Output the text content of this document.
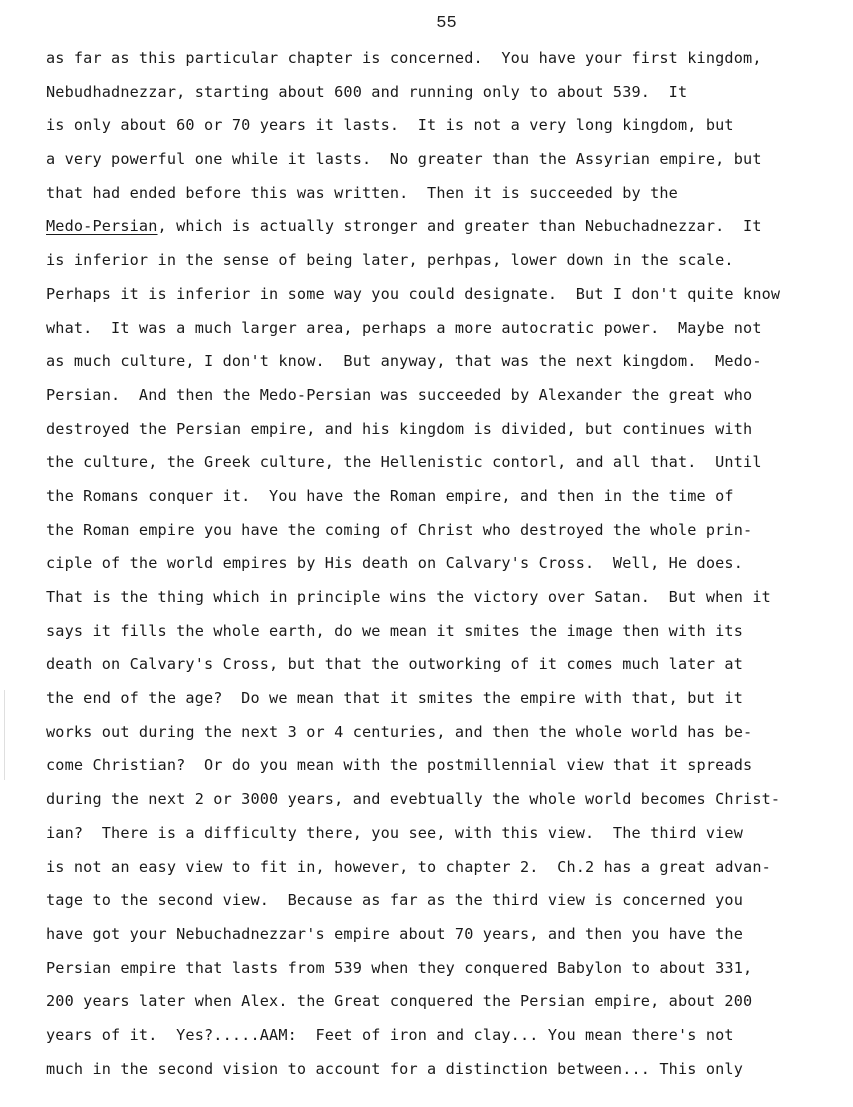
55
as far as this particular chapter is concerned.  You have your first kingdom,
Nebudhadnezzar, starting about 600 and running only to about 539.  It
is only about 60 or 70 years it lasts.  It is not a very long kingdom, but
a very powerful one while it lasts.  No greater than the Assyrian empire, but
that had ended before this was written.  Then it is succeeded by the
Medo-Persian, which is actually stronger and greater than Nebuchadnezzar.  It
is inferior in the sense of being later, perhpas, lower down in the scale.
Perhaps it is inferior in some way you could designate.  But I don't quite know
what.  It was a much larger area, perhaps a more autocratic power.  Maybe not
as much culture, I don't know.  But anyway, that was the next kingdom.  Medo-
Persian.  And then the Medo-Persian was succeeded by Alexander the great who
destroyed the Persian empire, and his kingdom is divided, but continues with
the culture, the Greek culture, the Hellenistic contorl, and all that.  Until
the Romans conquer it.  You have the Roman empire, and then in the time of
the Roman empire you have the coming of Christ who destroyed the whole prin-
ciple of the world empires by His death on Calvary's Cross.  Well, He does.
That is the thing which in principle wins the victory over Satan.  But when it
says it fills the whole earth, do we mean it smites the image then with its
death on Calvary's Cross, but that the outworking of it comes much later at
the end of the age?  Do we mean that it smites the empire with that, but it
works out during the next 3 or 4 centuries, and then the whole world has be-
come Christian?  Or do you mean with the postmillennial view that it spreads
during the next 2 or 3000 years, and evebtually the whole world becomes Christ-
ian?  There is a difficulty there, you see, with this view.  The third view
is not an easy view to fit in, however, to chapter 2.  Ch.2 has a great advan-
tage to the second view.  Because as far as the third view is concerned you
have got your Nebuchadnezzar's empire about 70 years, and then you have the
Persian empire that lasts from 539 when they conquered Babylon to about 331,
200 years later when Alex. the Great conquered the Persian empire, about 200
years of it.  Yes?.....AAM:  Feet of iron and clay... You mean there's not
much in the second vision to account for a distinction between... This only
